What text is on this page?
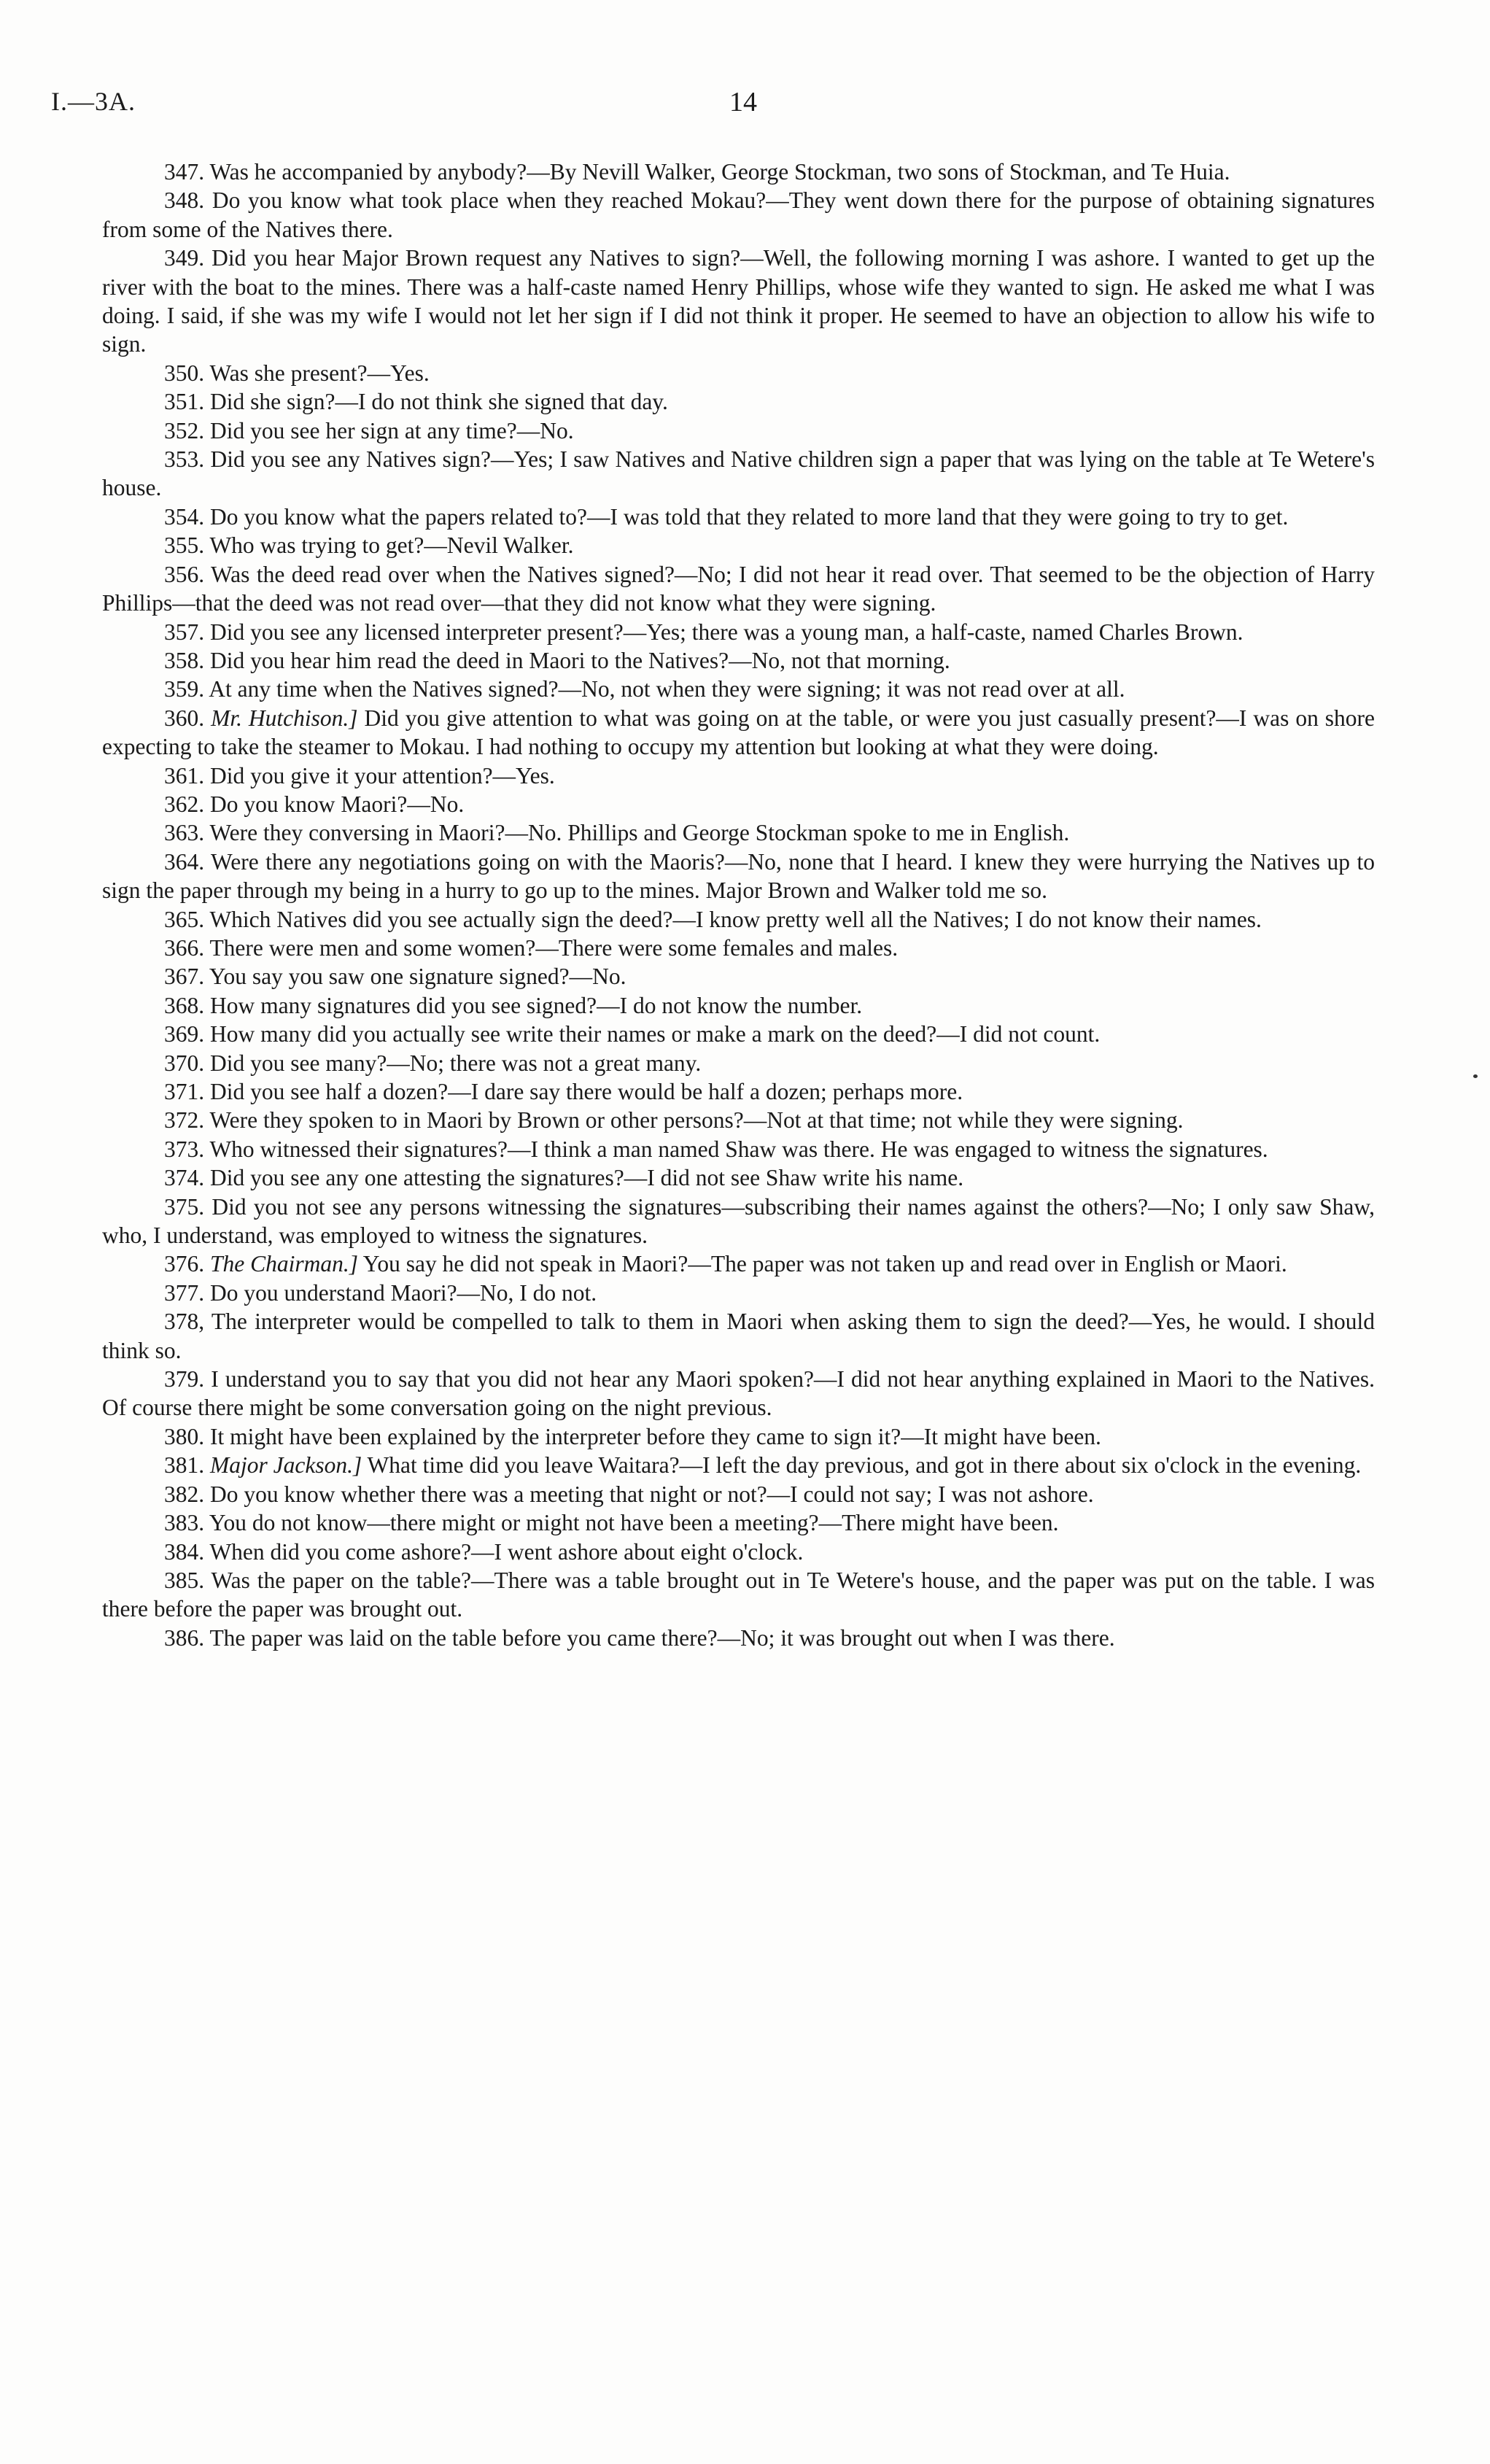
I.—3A.	14

347. Was he accompanied by anybody?—By Nevill Walker, George Stockman, two sons of Stockman, and Te Huia.

348. Do you know what took place when they reached Mokau?—They went down there for the purpose of obtaining signatures from some of the Natives there.

349. Did you hear Major Brown request any Natives to sign?—Well, the following morning I was ashore. I wanted to get up the river with the boat to the mines. There was a half-caste named Henry Phillips, whose wife they wanted to sign. He asked me what I was doing. I said, if she was my wife I would not let her sign if I did not think it proper. He seemed to have an objection to allow his wife to sign.

350. Was she present?—Yes.

351. Did she sign?—I do not think she signed that day.

352. Did you see her sign at any time?—No.

353. Did you see any Natives sign?—Yes; I saw Natives and Native children sign a paper that was lying on the table at Te Wetere's house.

354. Do you know what the papers related to?—I was told that they related to more land that they were going to try to get.

355. Who was trying to get?—Nevil Walker.

356. Was the deed read over when the Natives signed?—No; I did not hear it read over. That seemed to be the objection of Harry Phillips—that the deed was not read over—that they did not know what they were signing.

357. Did you see any licensed interpreter present?—Yes; there was a young man, a half-caste, named Charles Brown.

358. Did you hear him read the deed in Maori to the Natives?—No, not that morning.

359. At any time when the Natives signed?—No, not when they were signing; it was not read over at all.

360. Mr. Hutchison.] Did you give attention to what was going on at the table, or were you just casually present?—I was on shore expecting to take the steamer to Mokau. I had nothing to occupy my attention but looking at what they were doing.

361. Did you give it your attention?—Yes.

362. Do you know Maori?—No.

363. Were they conversing in Maori?—No. Phillips and George Stockman spoke to me in English.

364. Were there any negotiations going on with the Maoris?—No, none that I heard. I knew they were hurrying the Natives up to sign the paper through my being in a hurry to go up to the mines. Major Brown and Walker told me so.

365. Which Natives did you see actually sign the deed?—I know pretty well all the Natives; I do not know their names.

366. There were men and some women?—There were some females and males.

367. You say you saw one signature signed?—No.

368. How many signatures did you see signed?—I do not know the number.

369. How many did you actually see write their names or make a mark on the deed?—I did not count.

370. Did you see many?—No; there was not a great many.

371. Did you see half a dozen?—I dare say there would be half a dozen; perhaps more.

372. Were they spoken to in Maori by Brown or other persons?—Not at that time; not while they were signing.

373. Who witnessed their signatures?—I think a man named Shaw was there. He was engaged to witness the signatures.

374. Did you see any one attesting the signatures?—I did not see Shaw write his name.

375. Did you not see any persons witnessing the signatures—subscribing their names against the others?—No; I only saw Shaw, who, I understand, was employed to witness the signatures.

376. The Chairman.] You say he did not speak in Maori?—The paper was not taken up and read over in English or Maori.

377. Do you understand Maori?—No, I do not.

378, The interpreter would be compelled to talk to them in Maori when asking them to sign the deed?—Yes, he would. I should think so.

379. I understand you to say that you did not hear any Maori spoken?—I did not hear anything explained in Maori to the Natives. Of course there might be some conversation going on the night previous.

380. It might have been explained by the interpreter before they came to sign it?—It might have been.

381. Major Jackson.] What time did you leave Waitara?—I left the day previous, and got in there about six o'clock in the evening.

382. Do you know whether there was a meeting that night or not?—I could not say; I was not ashore.

383. You do not know—there might or might not have been a meeting?—There might have been.

384. When did you come ashore?—I went ashore about eight o'clock.

385. Was the paper on the table?—There was a table brought out in Te Wetere's house, and the paper was put on the table. I was there before the paper was brought out.

386. The paper was laid on the table before you came there?—No; it was brought out when I was there.
